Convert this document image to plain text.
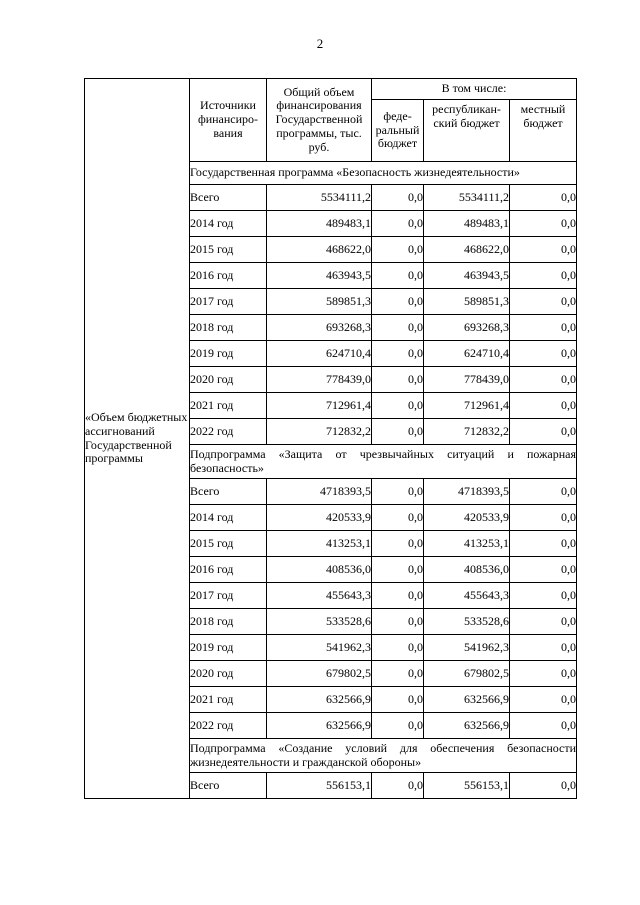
2
«Объем бюджетных ассигнований Государственной программы	Источники финансиро-вания	Общий объем финансирования Государственной программы, тыс. руб.	В том числе:		
			феде-ральный бюджет	республикан-ский бюджет	местный бюджет
	Государственная программа «Безопасность жизнедеятельности»				
	Всего	5534111,2	0,0	5534111,2	0,0
	2014 год	489483,1	0,0	489483,1	0,0
	2015 год	468622,0	0,0	468622,0	0,0
	2016 год	463943,5	0,0	463943,5	0,0
	2017 год	589851,3	0,0	589851,3	0,0
	2018 год	693268,3	0,0	693268,3	0,0
	2019 год	624710,4	0,0	624710,4	0,0
	2020 год	778439,0	0,0	778439,0	0,0
	2021 год	712961,4	0,0	712961,4	0,0
	2022 год	712832,2	0,0	712832,2	0,0
	Подпрограмма «Защита от чрезвычайных ситуаций и пожарная безопасность»				
	Всего	4718393,5	0,0	4718393,5	0,0
	2014 год	420533,9	0,0	420533,9	0,0
	2015 год	413253,1	0,0	413253,1	0,0
	2016 год	408536,0	0,0	408536,0	0,0
	2017 год	455643,3	0,0	455643,3	0,0
	2018 год	533528,6	0,0	533528,6	0,0
	2019 год	541962,3	0,0	541962,3	0,0
	2020 год	679802,5	0,0	679802,5	0,0
	2021 год	632566,9	0,0	632566,9	0,0
	2022 год	632566,9	0,0	632566,9	0,0
	Подпрограмма «Создание условий для обеспечения безопасности жизнедеятельности и гражданской обороны»				
	Всего	556153,1	0,0	556153,1	0,0
